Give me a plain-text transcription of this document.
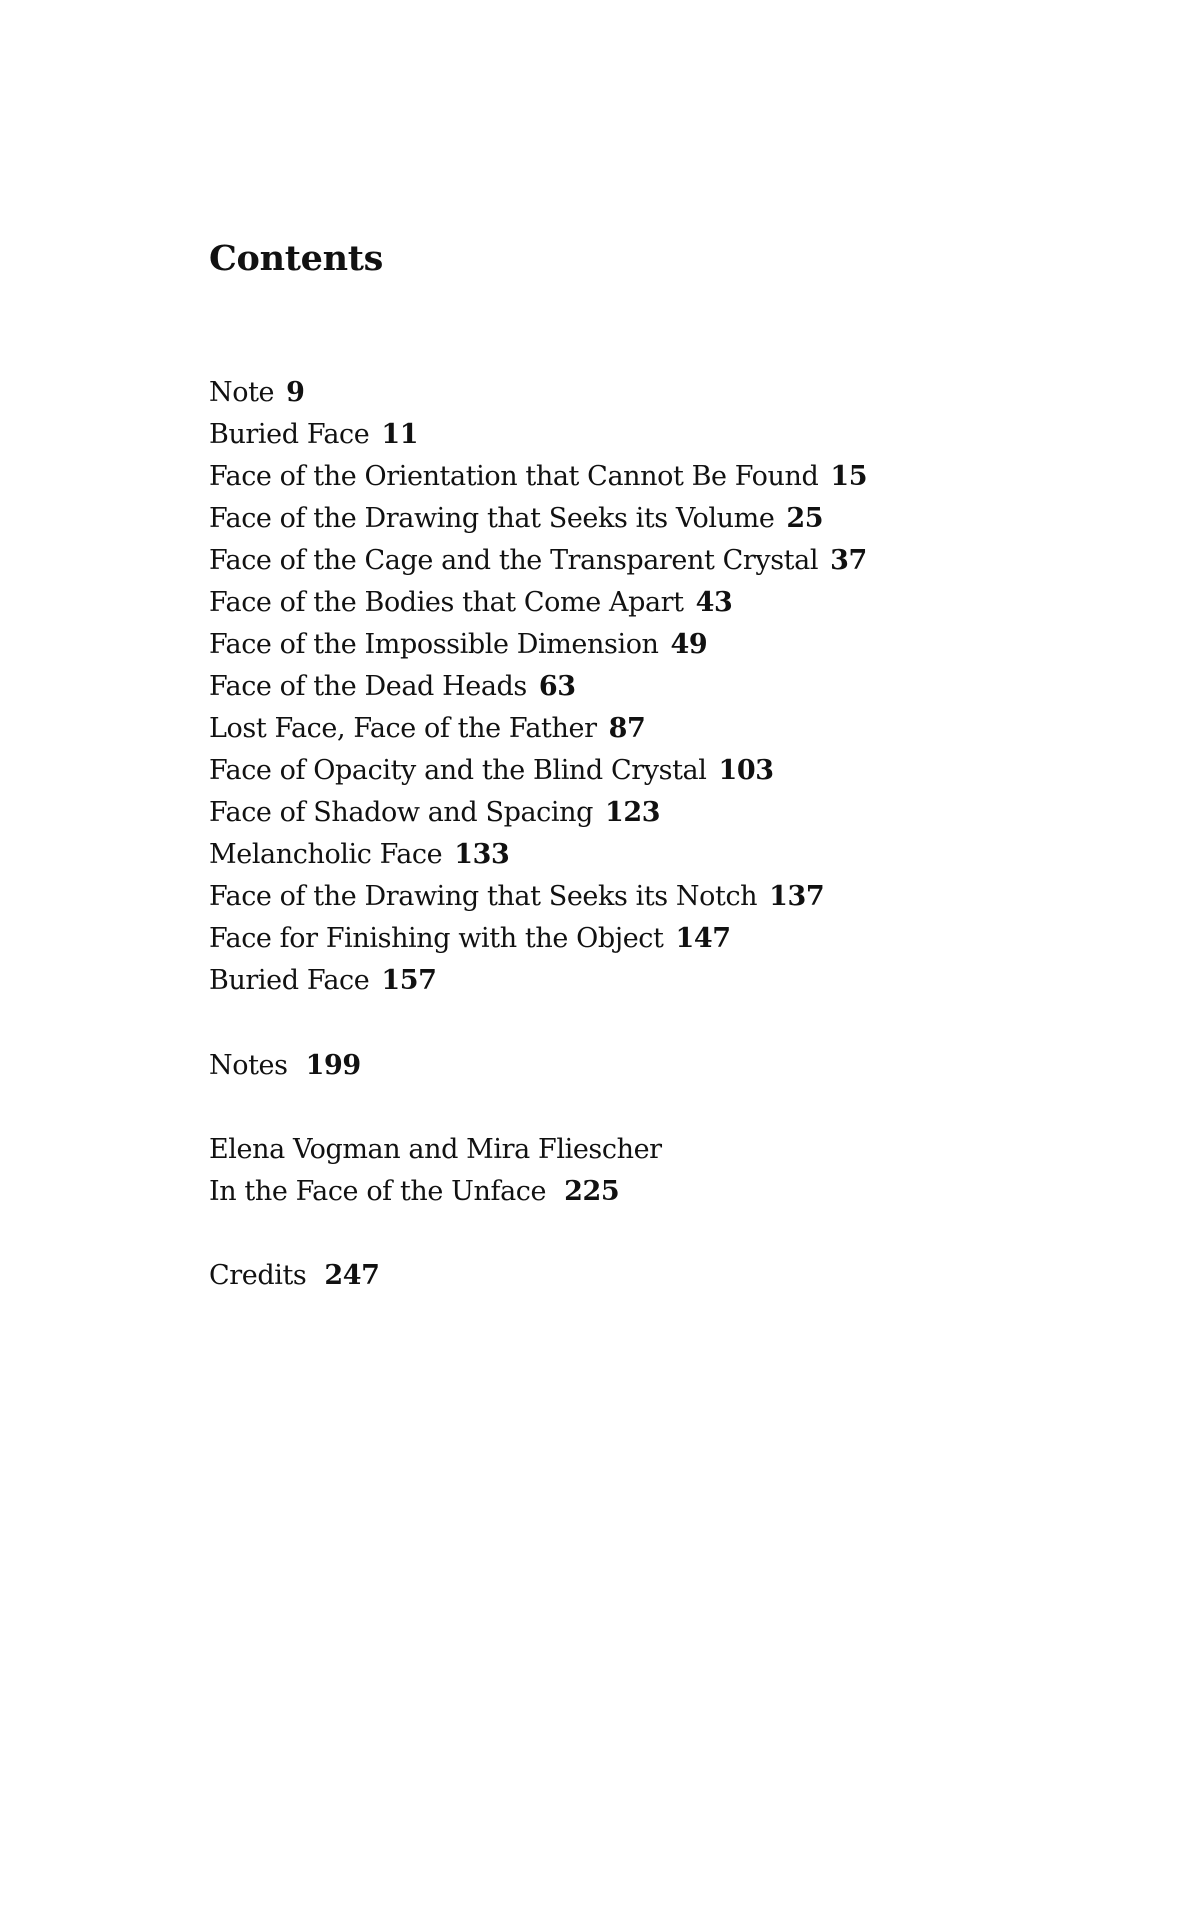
Contents
Note 9
Buried Face 11
Face of the Orientation that Cannot Be Found 15
Face of the Drawing that Seeks its Volume 25
Face of the Cage and the Transparent Crystal 37
Face of the Bodies that Come Apart 43
Face of the Impossible Dimension 49
Face of the Dead Heads 63
Lost Face, Face of the Father 87
Face of Opacity and the Blind Crystal 103
Face of Shadow and Spacing 123
Melancholic Face 133
Face of the Drawing that Seeks its Notch 137
Face for Finishing with the Object 147
Buried Face 157
Notes 199
Elena Vogman and Mira Fliescher
In the Face of the Unface 225
Credits 247
